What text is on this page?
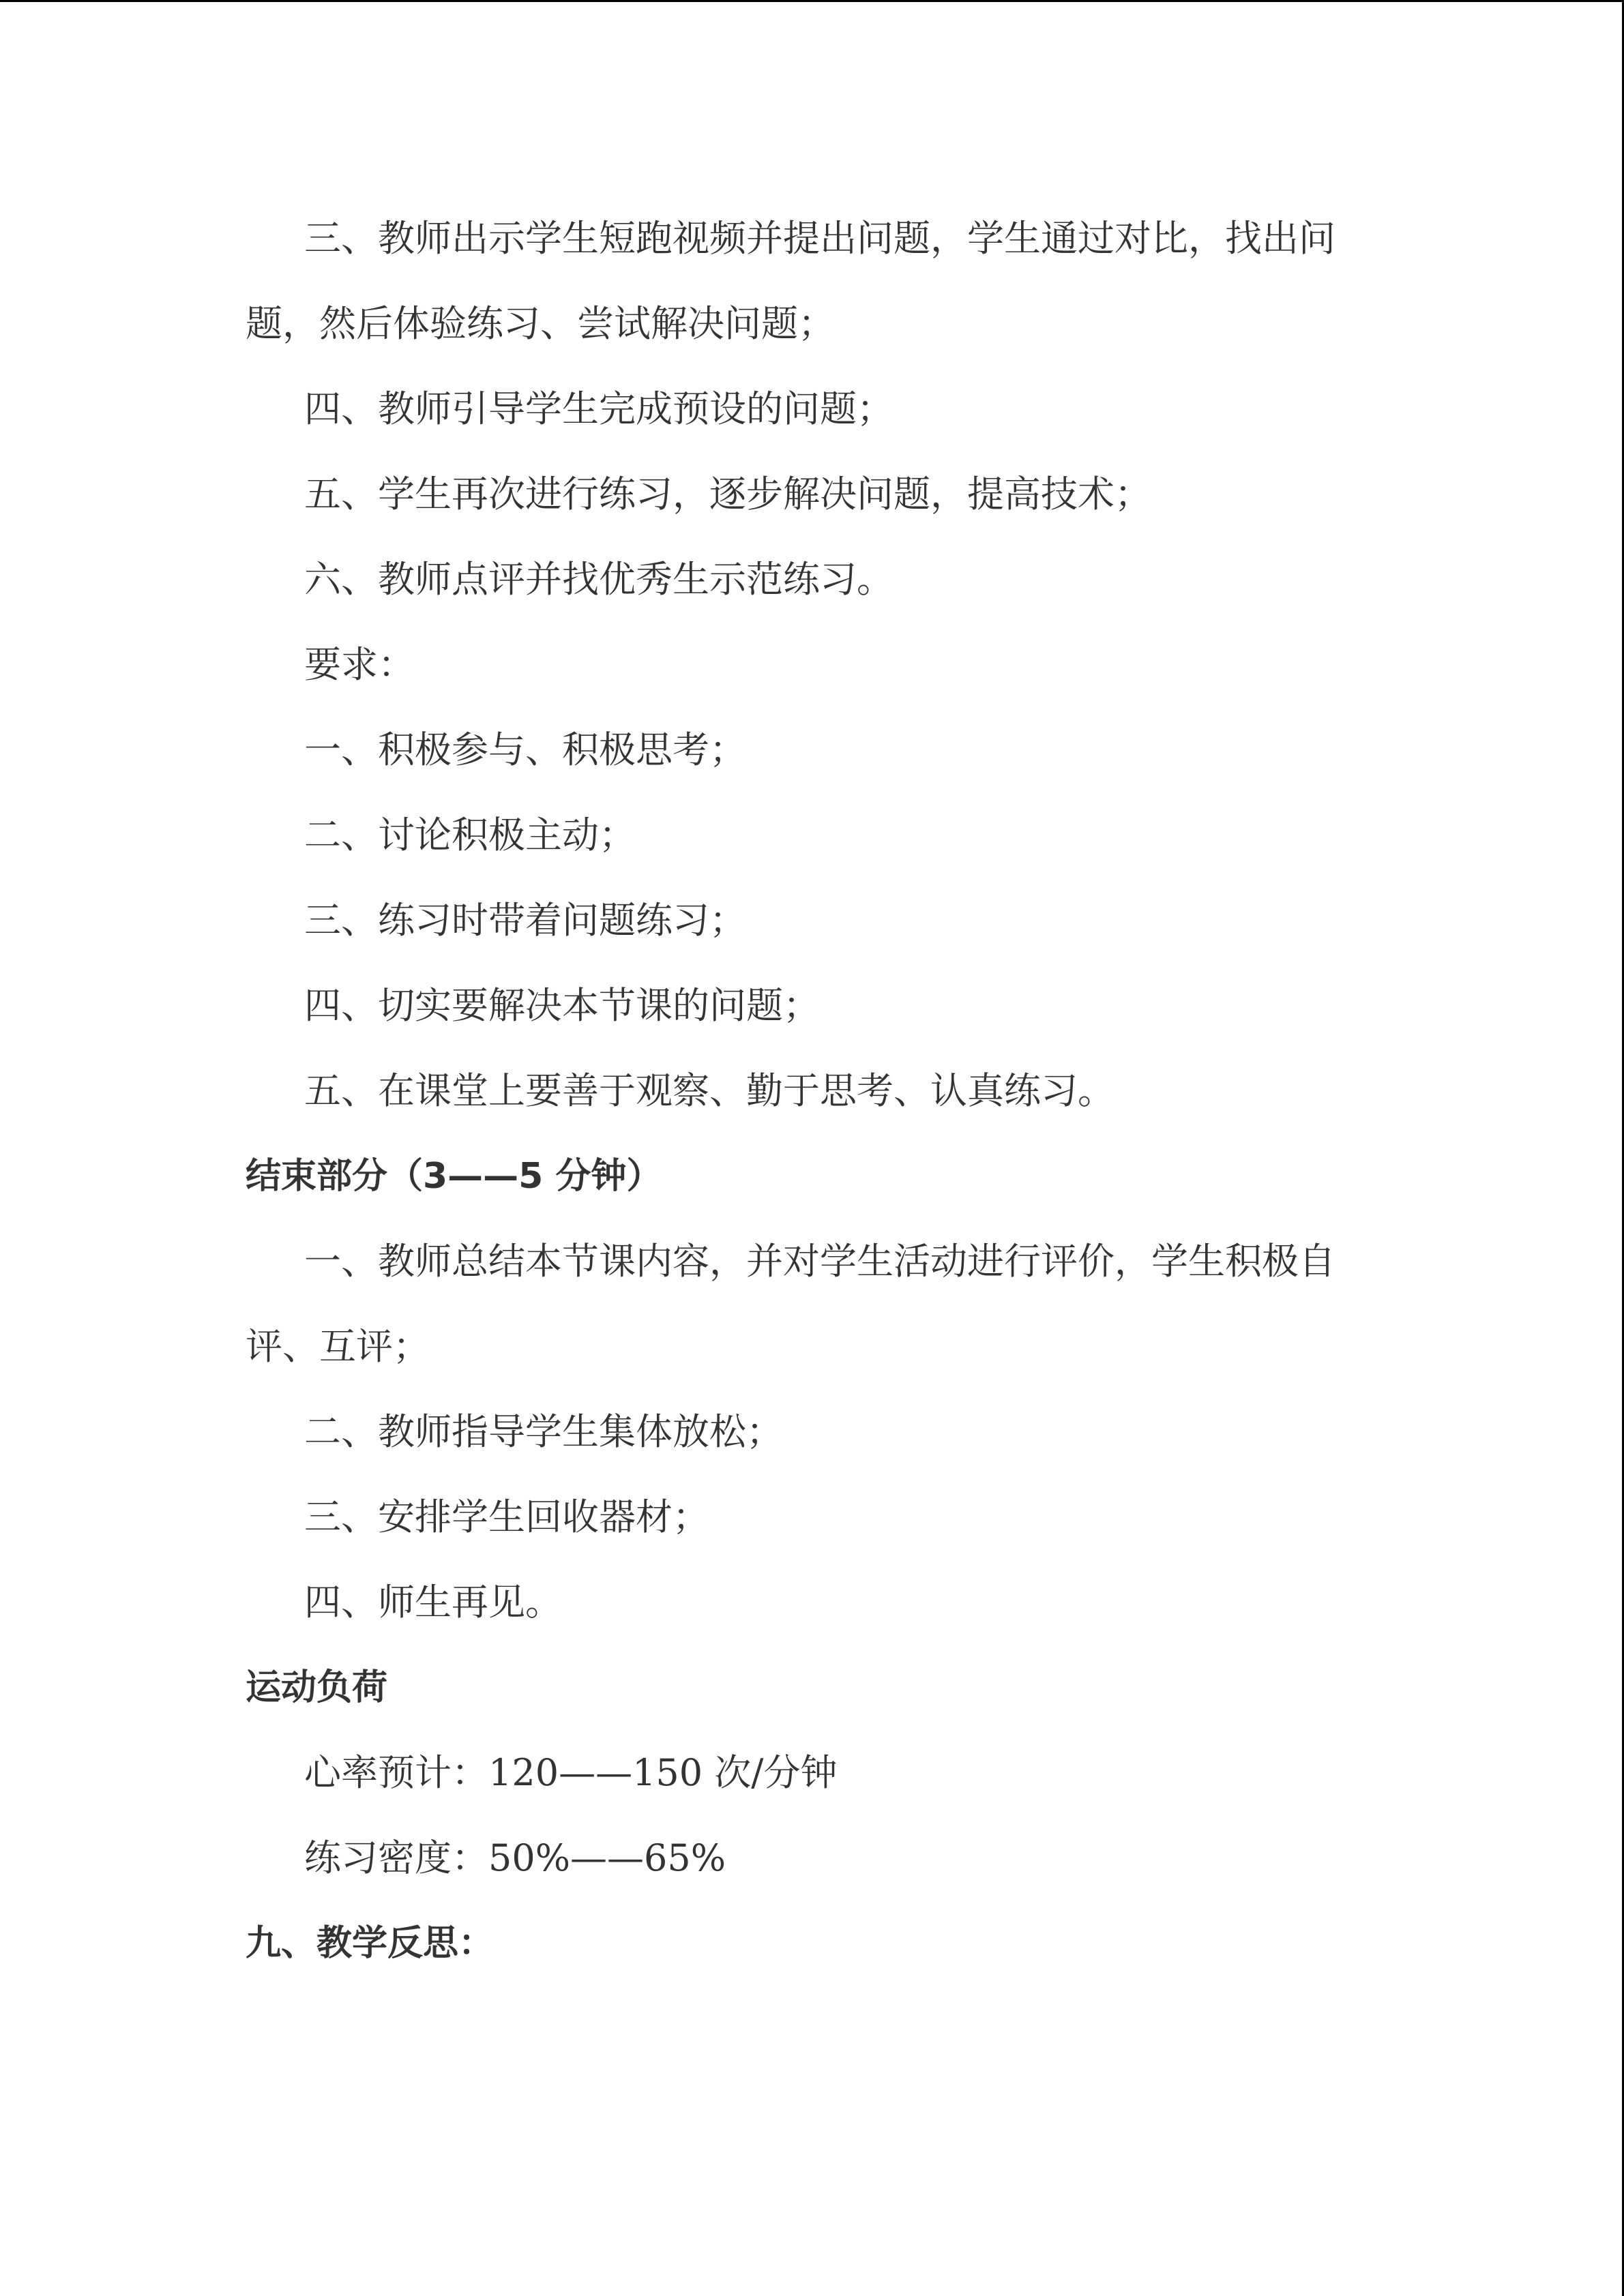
三、教师出示学生短跑视频并提出问题，学生通过对比，找出问
题，然后体验练习、尝试解决问题；
四、教师引导学生完成预设的问题；
五、学生再次进行练习，逐步解决问题，提高技术；
六、教师点评并找优秀生示范练习。
要求：
一、积极参与、积极思考；
二、讨论积极主动；
三、练习时带着问题练习；
四、切实要解决本节课的问题；
五、在课堂上要善于观察、勤于思考、认真练习。
结束部分（3——5 分钟）
一、教师总结本节课内容，并对学生活动进行评价，学生积极自
评、互评；
二、教师指导学生集体放松；
三、安排学生回收器材；
四、师生再见。
运动负荷
心率预计：120——150 次/分钟
练习密度：50%——65%
九、教学反思：
